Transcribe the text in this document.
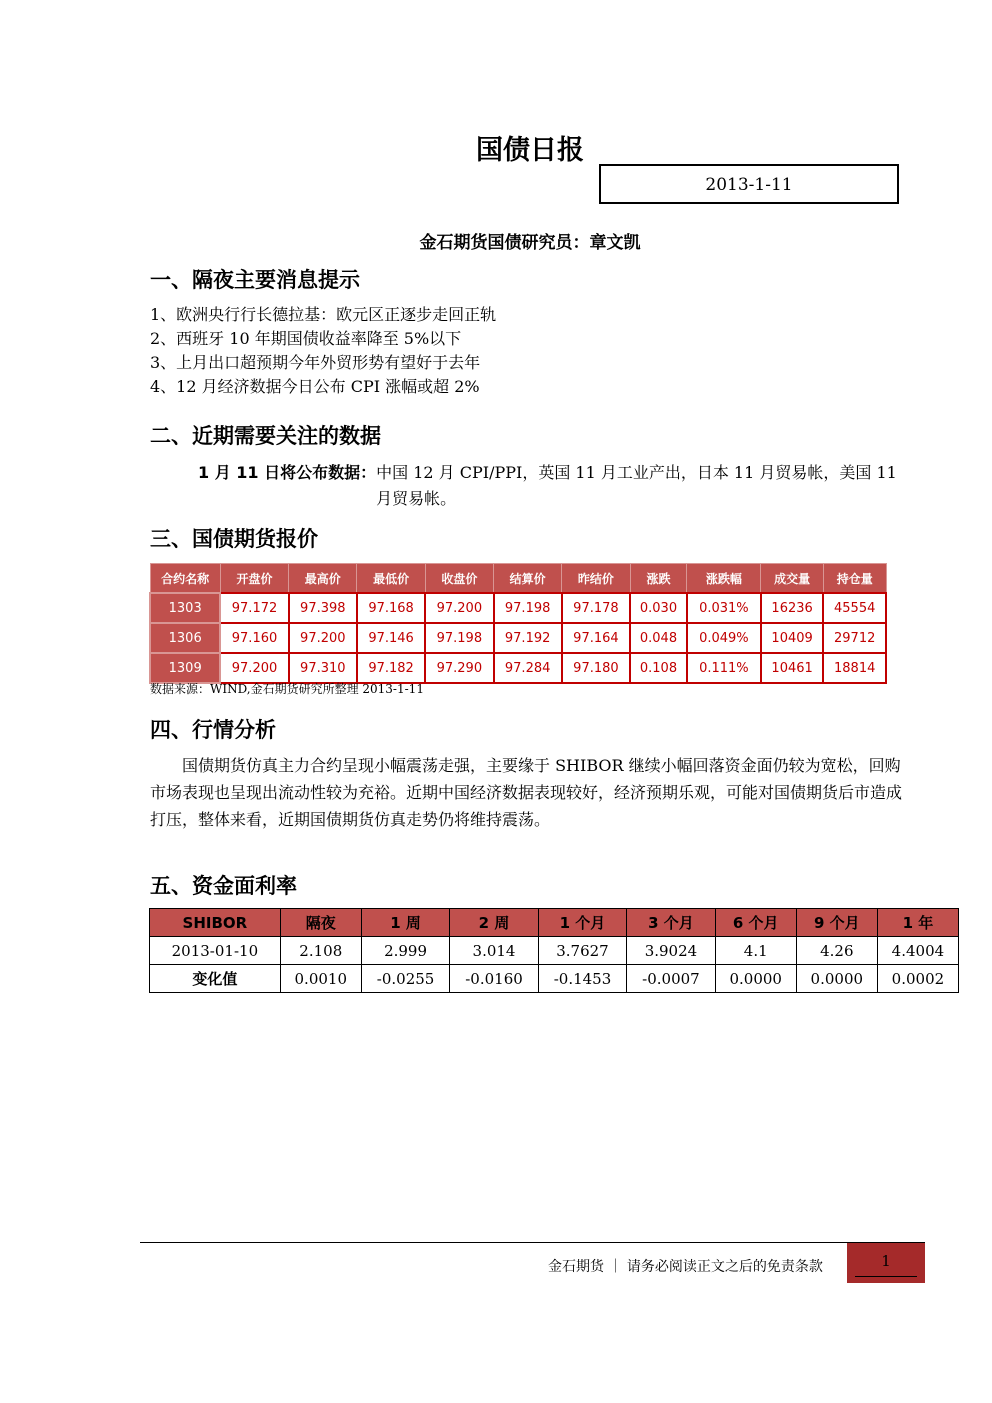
国债日报
2013-1-11
金石期货国债研究员：章文凯
一、隔夜主要消息提示
1、欧洲央行行长德拉基：欧元区正逐步走回正轨
2、西班牙 10 年期国债收益率降至 5%以下
3、上月出口超预期今年外贸形势有望好于去年
4、12 月经济数据今日公布 CPI 涨幅或超 2%
二、近期需要关注的数据
1 月 11 日将公布数据： 中国 12 月 CPI/PPI，英国 11 月工业产出，日本 11 月贸易帐，美国 11 月贸易帐。
三、国债期货报价
合约名称	开盘价	最高价	最低价	收盘价	结算价	昨结价	涨跌	涨跌幅	成交量	持仓量
1303	97.172	97.398	97.168	97.200	97.198	97.178	0.030	0.031%	16236	45554
1306	97.160	97.200	97.146	97.198	97.192	97.164	0.048	0.049%	10409	29712
1309	97.200	97.310	97.182	97.290	97.284	97.180	0.108	0.111%	10461	18814
数据来源：WIND,金石期货研究所整理 2013-1-11
四、行情分析
国债期货仿真主力合约呈现小幅震荡走强，主要缘于 SHIBOR 继续小幅回落资金面仍较为宽松，回购市场表现也呈现出流动性较为充裕。近期中国经济数据表现较好，经济预期乐观，可能对国债期货后市造成打压，整体来看，近期国债期货仿真走势仍将维持震荡。
五、资金面利率
SHIBOR	隔夜	1 周	2 周	1 个月	3 个月	6 个月	9 个月	1 年
2013-01-10	2.108	2.999	3.014	3.7627	3.9024	4.1	4.26	4.4004
变化值	0.0010	-0.0255	-0.0160	-0.1453	-0.0007	0.0000	0.0000	0.0002
金石期货 ｜ 请务必阅读正文之后的免责条款	1
